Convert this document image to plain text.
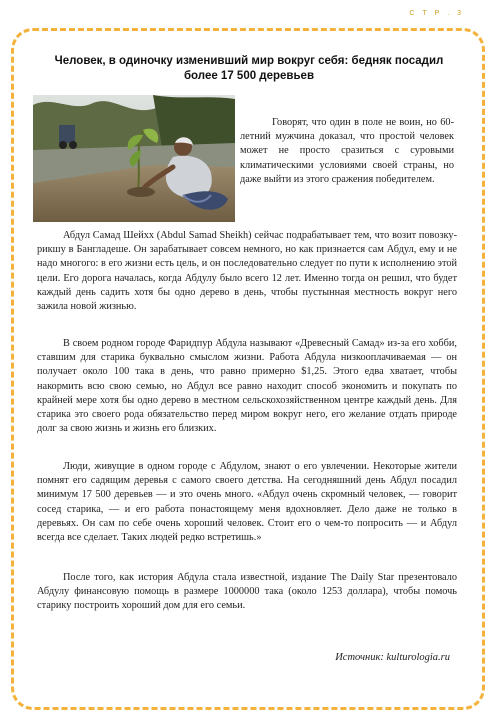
С Т Р . 3
Человек, в одиночку изменивший мир вокруг себя: бедняк посадил более 17 500 деревьев

Говорят, что один в поле не воин, но 60-летний мужчина доказал, что простой человек может не просто сразиться с суровыми климатическими условиями своей страны, но даже выйти из этого сражения победителем.

Абдул Самад Шейхх (Abdul Samad Sheikh) сейчас подрабатывает тем, что возит повозку-рикшу в Бангладеше. Он зарабатывает совсем немного, но как признается сам Абдул, ему и не надо многого: в его жизни есть цель, и он последовательно следует по пути к исполнению этой цели. Его дорога началась, когда Абдулу было всего 12 лет. Именно тогда он решил, что будет каждый день садить хотя бы одно дерево в день, чтобы пустынная местность вокруг него зажила новой жизнью.

В своем родном городе Фаридпур Абдула называют «Древесный Самад» из-за его хобби, ставшим для старика буквально смыслом жизни. Работа Абдула низкооплачиваемая — он получает около 100 така в день, что равно примерно $1,25. Этого едва хватает, чтобы накормить всю свою семью, но Абдул все равно находит способ экономить и покупать по крайней мере хотя бы одно дерево в местном сельскохозяйственном центре каждый день. Для старика это своего рода обязательство перед миром вокруг него, его желание отдать природе долг за свою жизнь и жизнь его близких.

Люди, живущие в одном городе с Абдулом, знают о его увлечении. Некоторые жители помнят его садящим деревья с самого своего детства. На сегодняшний день Абдул посадил минимум 17 500 деревьев — и это очень много. «Абдул очень скромный человек, — говорит сосед старика, — и его работа понастоящему меня вдохновляет. Дело даже не только в деревьях. Он сам по себе очень хороший человек. Стоит его о чем-то попросить — и Абдул всегда все сделает. Таких людей редко встретишь.»

После того, как история Абдула стала известной, издание The Daily Star презентовало Абдулу финансовую помощь в размере 1000000 така (около 1253 доллара), чтобы помочь старику построить хороший дом для его семьи.

Источник: kulturologia.ru
